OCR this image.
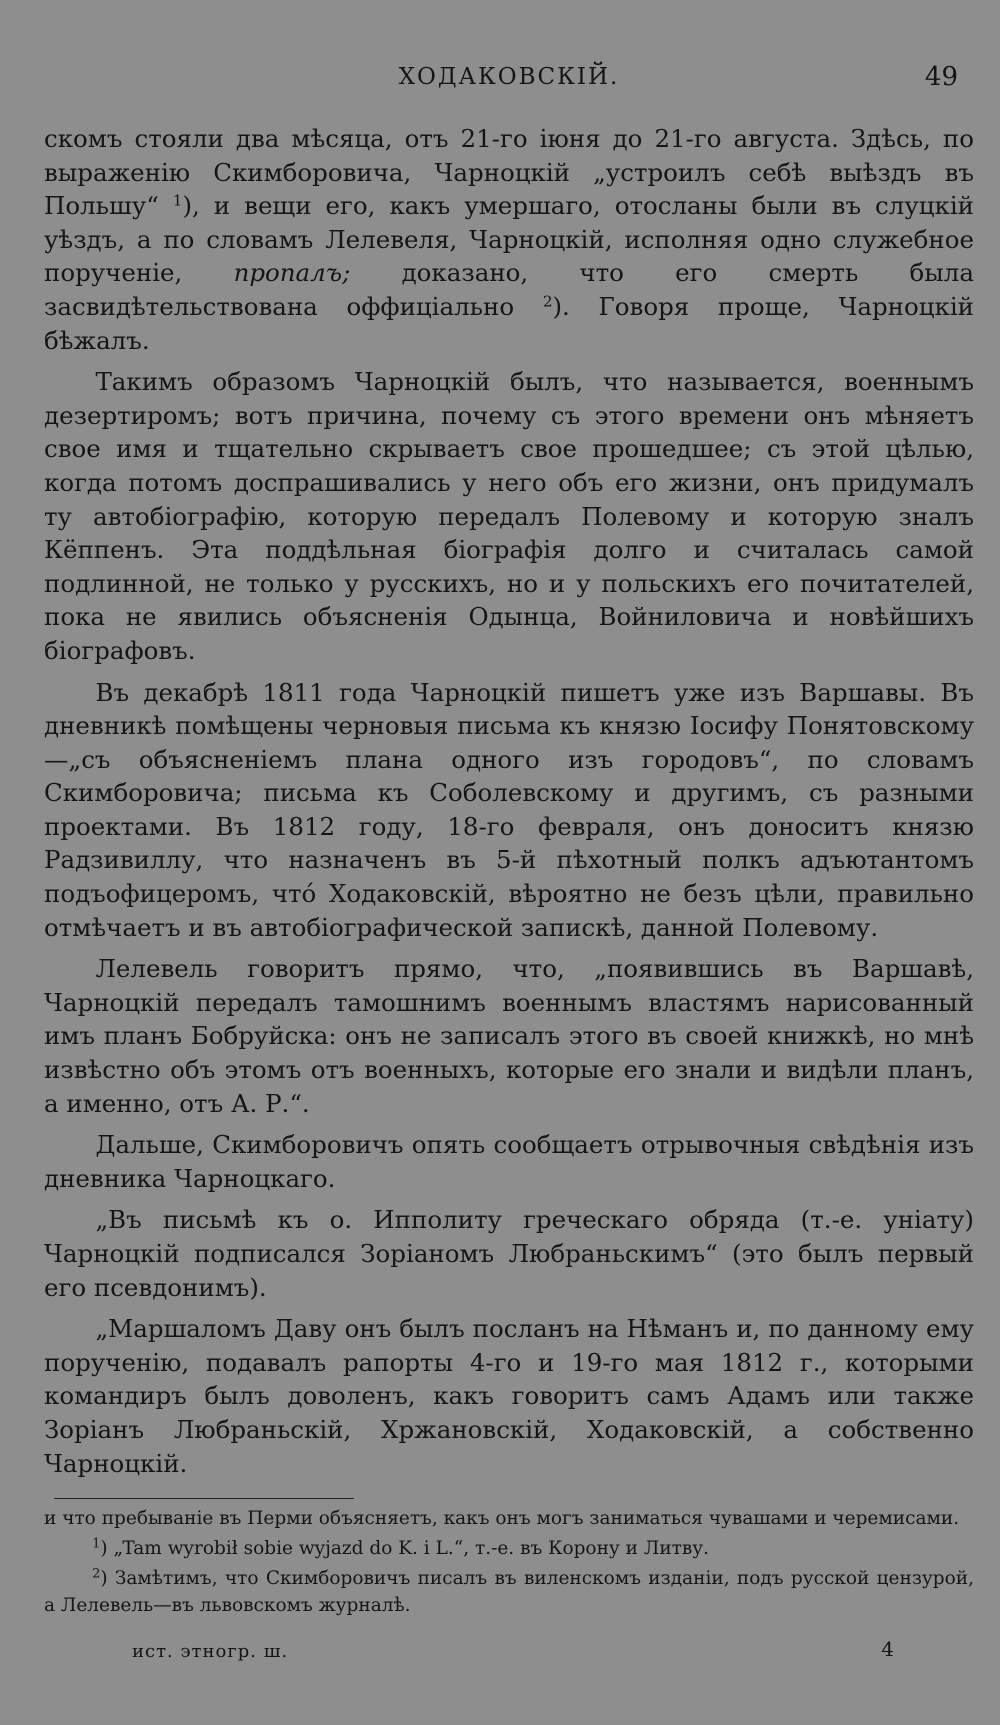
ХОДАКОВСКІЙ.	49

скомъ стояли два мѣсяца, отъ 21-го іюня до 21-го августа. Здѣсь, по выраженію Скимборовича, Чарноцкій „устроилъ себѣ выѣздъ въ Польшу“ $^1$), и вещи его, какъ умершаго, отосланы были въ слуцкій уѣздъ, а по словамъ Лелевеля, Чарноцкій, исполняя одно служебное порученіе, пропалъ; доказано, что его смерть была засвидѣтельствована оффиціально $^2$). Говоря проще, Чарноцкій бѣжалъ.

Такимъ образомъ Чарноцкій былъ, что называется, военнымъ дезертиромъ; вотъ причина, почему съ этого времени онъ мѣняетъ свое имя и тщательно скрываетъ свое прошедшее; съ этой цѣлью, когда потомъ доспрашивались у него объ его жизни, онъ придумалъ ту автобіографію, которую передалъ Полевому и которую зналъ Кёппенъ. Эта поддѣльная біографія долго и считалась самой подлинной, не только у русскихъ, но и у польскихъ его почитателей, пока не явились объясненія Одынца, Войниловича и новѣйшихъ біографовъ.

Въ декабрѣ 1811 года Чарноцкій пишетъ уже изъ Варшавы. Въ дневникѣ помѣщены черновыя письма къ князю Іосифу Понятовскому—„съ объясненіемъ плана одного изъ городовъ“, по словамъ Скимборовича; письма къ Соболевскому и другимъ, съ разными проектами. Въ 1812 году, 18-го февраля, онъ доноситъ князю Радзивиллу, что назначенъ въ 5-й пѣхотный полкъ адъютантомъ подъофицеромъ, что́ Ходаковскій, вѣроятно не безъ цѣли, правильно отмѣчаетъ и въ автобіографической запискѣ, данной Полевому.

Лелевель говоритъ прямо, что, „появившись въ Варшавѣ, Чарноцкій передалъ тамошнимъ военнымъ властямъ нарисованный имъ планъ Бобруйска: онъ не записалъ этого въ своей книжкѣ, но мнѣ извѣстно объ этомъ отъ военныхъ, которые его знали и видѣли планъ, а именно, отъ А. Р.“.

Дальше, Скимборовичъ опять сообщаетъ отрывочныя свѣдѣнія изъ дневника Чарноцкаго.

„Въ письмѣ къ о. Ипполиту греческаго обряда (т.-е. уніату) Чарноцкій подписался Зоріаномъ Любраньскимъ“ (это былъ первый его псевдонимъ).

„Маршаломъ Даву онъ былъ посланъ на Нѣманъ и, по данному ему порученію, подавалъ рапорты 4-го и 19-го мая 1812 г., которыми командиръ былъ доволенъ, какъ говоритъ самъ Адамъ или также Зоріанъ Любраньскій, Хржановскій, Ходаковскій, а собственно Чарноцкій.

и что пребываніе въ Перми объясняетъ, какъ онъ могъ заниматься чувашами и черемисами.

$^1$) „Tam wyrobił sobie wyjazd do K. i L.“, т.-е. въ Корону и Литву.

$^2$) Замѣтимъ, что Скимборовичъ писалъ въ виленскомъ изданіи, подъ русской цензурой, а Лелевель—въ львовскомъ журналѣ.

ист. этногр. ш.	4
